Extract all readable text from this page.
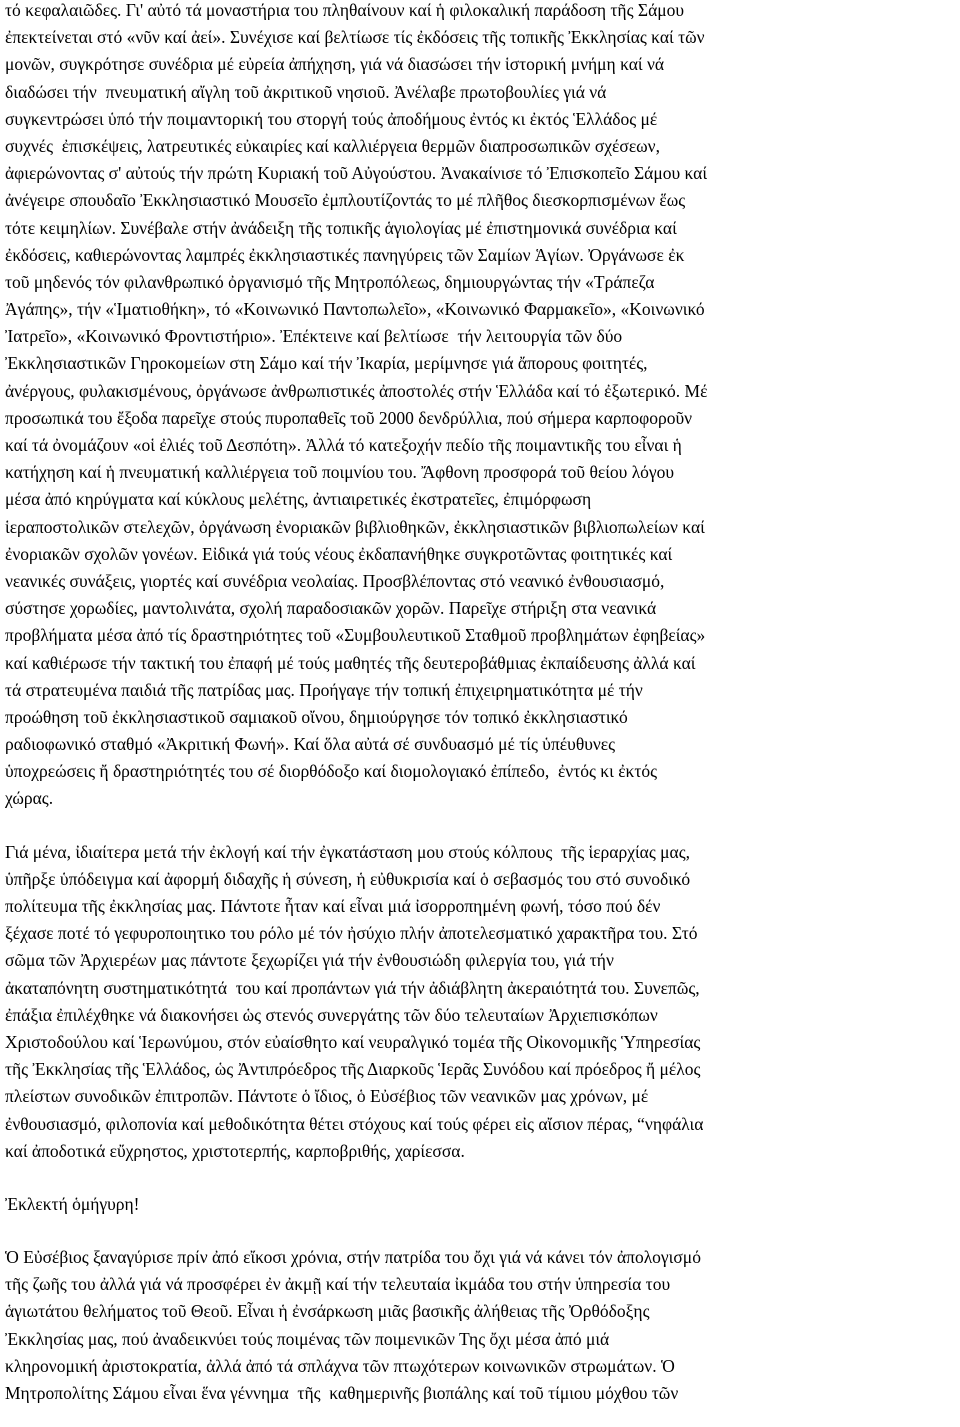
τό κεφαλαιῶδες. Γι' αὐτό τά μοναστήρια του πληθαίνουν καί ἡ φιλοκαλική παράδοση τῆς Σάμου
ἐπεκτείνεται στό «νῦν καί ἀεί». Συνέχισε καί βελτίωσε τίς ἐκδόσεις τῆς τοπικῆς Ἐκκλησίας καί τῶν
μονῶν, συγκρότησε συνέδρια μέ εὐρεία ἀπήχηση, γιά νά διασώσει τήν ἱστορική μνήμη καί νά
διαδώσει τήν  πνευματική αἴγλη τοῦ ἀκριτικοῦ νησιοῦ. Ἀνέλαβε πρωτοβουλίες γιά νά
συγκεντρώσει ὑπό τήν ποιμαντορική του στοργή τούς ἀποδήμους ἐντός κι ἐκτός Ἑλλάδος μέ
συχνές  ἐπισκέψεις, λατρευτικές εὐκαιρίες καί καλλιέργεια θερμῶν διαπροσωπικῶν σχέσεων,
ἀφιερώνοντας σ' αὐτούς τήν πρώτη Κυριακή τοῦ Αὐγούστου. Ἀνακαίνισε τό Ἐπισκοπεῖο Σάμου καί
ἀνέγειρε σπουδαῖο Ἐκκλησιαστικό Μουσεῖο ἐμπλουτίζοντάς το μέ πλῆθος διεσκορπισμένων ἕως
τότε κειμηλίων. Συνέβαλε στήν ἀνάδειξη τῆς τοπικῆς ἁγιολογίας μέ ἐπιστημονικά συνέδρια καί
ἐκδόσεις, καθιερώνοντας λαμπρές ἐκκλησιαστικές πανηγύρεις τῶν Σαμίων Ἁγίων. Ὀργάνωσε ἐκ
τοῦ μηδενός τόν φιλανθρωπικό ὀργανισμό τῆς Μητροπόλεως, δημιουργώντας τήν «Τράπεζα
Ἀγάπης», τήν «Ἱματιοθήκη», τό «Κοινωνικό Παντοπωλεῖο», «Κοινωνικό Φαρμακεῖο», «Κοινωνικό
Ἰατρεῖο», «Κοινωνικό Φροντιστήριο». Ἐπέκτεινε καί βελτίωσε  τήν λειτουργία τῶν δύο
Ἐκκλησιαστικῶν Γηροκομείων στη Σάμο καί τήν Ἰκαρία, μερίμνησε γιά ἄπορους φοιτητές,
ἀνέργους, φυλακισμένους, ὀργάνωσε ἀνθρωπιστικές ἀποστολές στήν Ἑλλάδα καί τό ἐξωτερικό. Μέ
προσωπικά του ἔξοδα παρεῖχε στούς πυροπαθεῖς τοῦ 2000 δενδρύλλια, πού σήμερα καρποφοροῦν
καί τά ὀνομάζουν «οἱ ἐλιές τοῦ Δεσπότη». Ἀλλά τό κατεξοχήν πεδίο τῆς ποιμαντικῆς του εἶναι ἡ
κατήχηση καί ἡ πνευματική καλλιέργεια τοῦ ποιμνίου του. Ἄφθονη προσφορά τοῦ θείου λόγου
μέσα ἀπό κηρύγματα καί κύκλους μελέτης, ἀντιαιρετικές ἐκστρατεῖες, ἐπιμόρφωση
ἱεραποστολικῶν στελεχῶν, ὀργάνωση ἐνοριακῶν βιβλιοθηκῶν, ἐκκλησιαστικῶν βιβλιοπωλείων καί
ἐνοριακῶν σχολῶν γονέων. Εἰδικά γιά τούς νέους ἐκδαπανήθηκε συγκροτῶντας φοιτητικές καί
νεανικές συνάξεις, γιορτές καί συνέδρια νεολαίας. Προσβλέποντας στό νεανικό ἐνθουσιασμό,
σύστησε χορωδίες, μαντολινάτα, σχολή παραδοσιακῶν χορῶν. Παρεῖχε στήριξη στα νεανικά
προβλήματα μέσα ἀπό τίς δραστηριότητες τοῦ «Συμβουλευτικοῦ Σταθμοῦ προβλημάτων ἐφηβείας»
καί καθιέρωσε τήν τακτική του ἐπαφή μέ τούς μαθητές τῆς δευτεροβάθμιας ἐκπαίδευσης ἀλλά καί
τά στρατευμένα παιδιά τῆς πατρίδας μας. Προήγαγε τήν τοπική ἐπιχειρηματικότητα μέ τήν
προώθηση τοῦ ἐκκλησιαστικοῦ σαμιακοῦ οἴνου, δημιούργησε τόν τοπικό ἐκκλησιαστικό
ραδιοφωνικό σταθμό «Ἀκριτική Φωνή». Καί ὅλα αὐτά σέ συνδυασμό μέ τίς ὑπέυθυνες
ὑποχρεώσεις ἤ δραστηριότητές του σέ διορθόδοξο καί διομολογιακό ἐπίπεδο,  ἐντός κι ἐκτός
χώρας.
Γιά μένα, ἰδιαίτερα μετά τήν ἐκλογή καί τήν ἐγκατάσταση μου στούς κόλπους  τῆς ἱεραρχίας μας,
ὑπῆρξε ὑπόδειγμα καί ἀφορμή διδαχῆς ἡ σύνεση, ἡ εὐθυκρισία καί ὁ σεβασμός του στό συνοδικό
πολίτευμα τῆς ἐκκλησίας μας. Πάντοτε ἦταν καί εἶναι μιά ἰσορροπημένη φωνή, τόσο πού δέν
ξέχασε ποτέ τό γεφυροποιητικο του ρόλο μέ τόν ἠσύχιο πλήν ἀποτελεσματικό χαρακτῆρα του. Στό
σῶμα τῶν Ἀρχιερέων μας πάντοτε ξεχωρίζει γιά τήν ἐνθουσιώδη φιλεργία του, γιά τήν
ἀκαταπόνητη συστηματικότητά  του καί προπάντων γιά τήν ἀδιάβλητη ἀκεραιότητά του. Συνεπῶς,
ἐπάξια ἐπιλέχθηκε νά διακονήσει ὡς στενός συνεργάτης τῶν δύο τελευταίων Ἀρχιεπισκόπων
Χριστοδούλου καί Ἱερωνύμου, στόν εὐαίσθητο καί νευραλγικό τομέα τῆς Οἰκονομικῆς Ὑπηρεσίας
τῆς Ἐκκλησίας τῆς Ἑλλάδος, ὡς Ἀντιπρόεδρος τῆς Διαρκοῦς Ἱερᾶς Συνόδου καί πρόεδρος ἤ μέλος
πλείστων συνοδικῶν ἐπιτροπῶν. Πάντοτε ὁ ἴδιος, ὁ Εὐσέβιος τῶν νεανικῶν μας χρόνων, μέ
ἐνθουσιασμό, φιλοπονία καί μεθοδικότητα θέτει στόχους καί τούς φέρει εἰς αἴσιον πέρας, “νηφάλια
καί ἀποδοτικά εὔχρηστος, χριστοτερπής, καρποβριθής, χαρίεσσα.
Ἐκλεκτή ὁμήγυρη!
Ὁ Εὐσέβιος ξαναγύρισε πρίν ἀπό εἴκοσι χρόνια, στήν πατρίδα του ὄχι γιά νά κάνει τόν ἀπολογισμό
τῆς ζωῆς του ἀλλά γιά νά προσφέρει ἐν ἀκμῇ καί τήν τελευταία ἰκμάδα του στήν ὑπηρεσία του
ἁγιωτάτου θελήματος τοῦ Θεοῦ. Εἶναι ἡ ἐνσάρκωση μιᾶς βασικῆς ἀλήθειας τῆς Ὀρθόδοξης
Ἐκκλησίας μας, πού ἀναδεικνύει τούς ποιμένας τῶν ποιμενικῶν Της ὄχι μέσα ἀπό μιά
κληρονομική ἀριστοκρατία, ἀλλά ἀπό τά σπλάχνα τῶν πτωχότερων κοινωνικῶν στρωμάτων. Ὁ
Μητροπολίτης Σάμου εἶναι ἕνα γέννημα  τῆς  καθημερινῆς βιοπάλης καί τοῦ τίμιου μόχθου τῶν
